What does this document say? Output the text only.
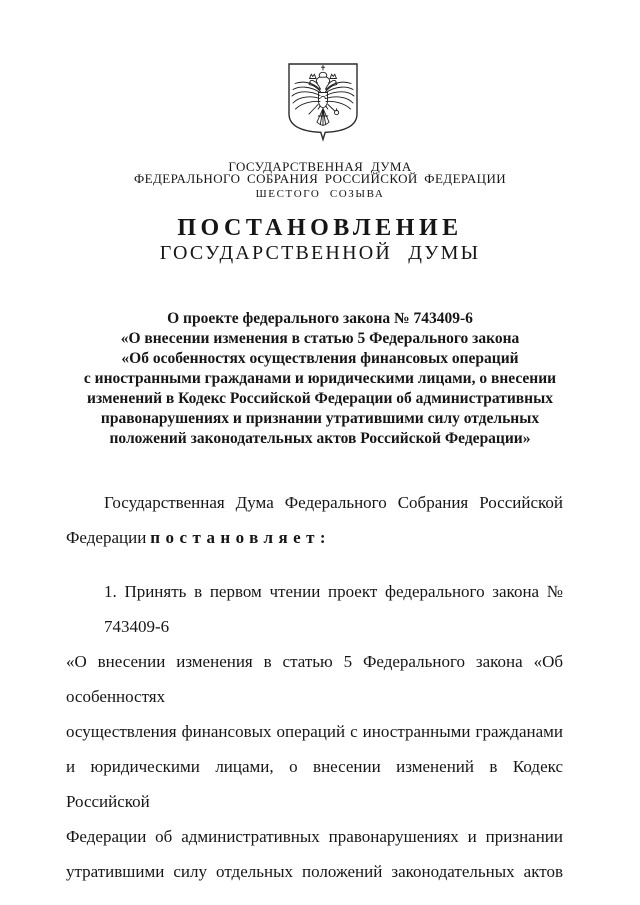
ГОСУДАРСТВЕННАЯ ДУМА
ФЕДЕРАЛЬНОГО СОБРАНИЯ РОССИЙСКОЙ ФЕДЕРАЦИИ
ШЕСТОГО СОЗЫВА
ПОСТАНОВЛЕНИЕ
ГОСУДАРСТВЕННОЙ ДУМЫ
О проекте федерального закона № 743409-6
«О внесении изменения в статью 5 Федерального закона
«Об особенностях осуществления финансовых операций
с иностранными гражданами и юридическими лицами, о внесении
изменений в Кодекс Российской Федерации об административных
правонарушениях и признании утратившими силу отдельных
положений законодательных актов Российской Федерации»
Государственная Дума Федерального Собрания Российской
Федерации постановляет:
1. Принять в первом чтении проект федерального закона № 743409-6
«О внесении изменения в статью 5 Федерального закона «Об особенностях
осуществления финансовых операций с иностранными гражданами
и юридическими лицами, о внесении изменений в Кодекс Российской
Федерации об административных правонарушениях и признании
утратившими силу отдельных положений законодательных актов
